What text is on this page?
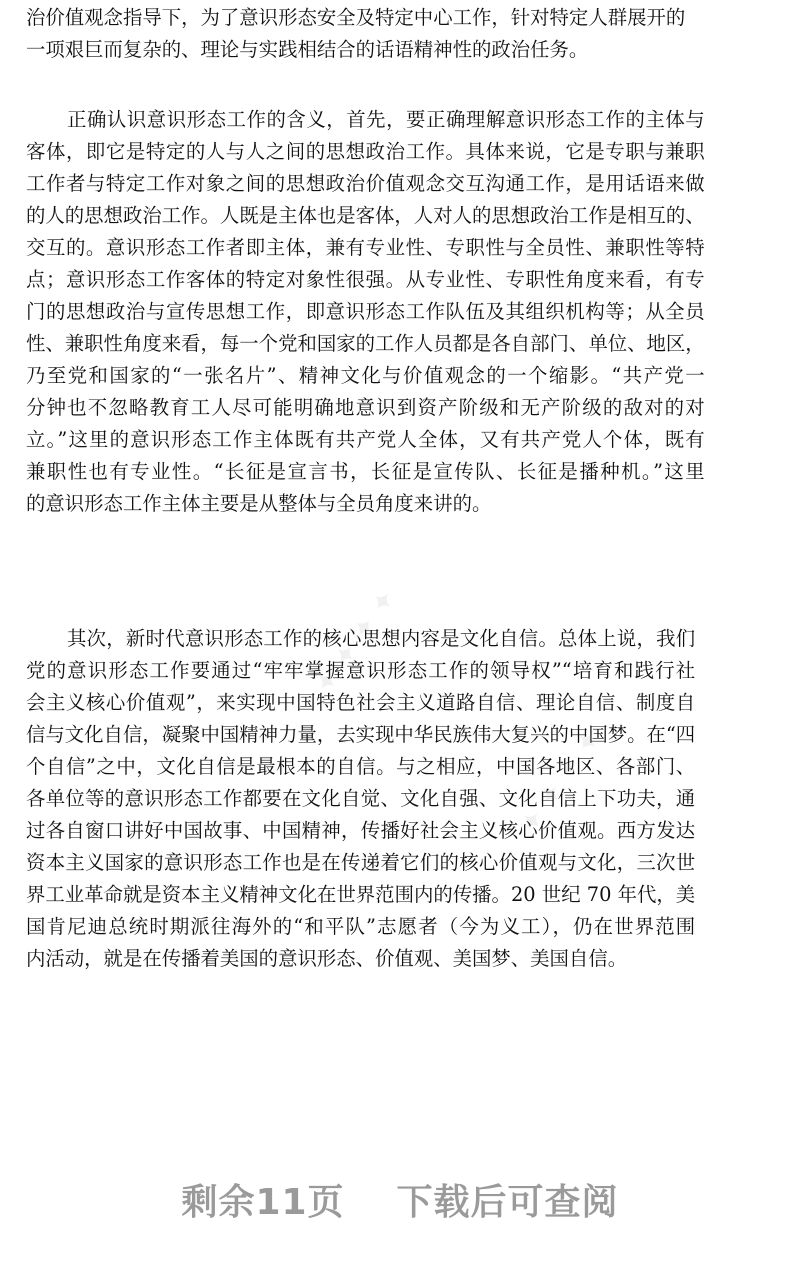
治价值观念指导下，为了意识形态安全及特定中心工作，针对特定人群展开的
一项艰巨而复杂的、理论与实践相结合的话语精神性的政治任务。
正确认识意识形态工作的含义，首先，要正确理解意识形态工作的主体与
客体，即它是特定的人与人之间的思想政治工作。具体来说，它是专职与兼职
工作者与特定工作对象之间的思想政治价值观念交互沟通工作，是用话语来做
的人的思想政治工作。人既是主体也是客体，人对人的思想政治工作是相互的、
交互的。意识形态工作者即主体，兼有专业性、专职性与全员性、兼职性等特
点；意识形态工作客体的特定对象性很强。从专业性、专职性角度来看，有专
门的思想政治与宣传思想工作，即意识形态工作队伍及其组织机构等；从全员
性、兼职性角度来看，每一个党和国家的工作人员都是各自部门、单位、地区，
乃至党和国家的“一张名片”、精神文化与价值观念的一个缩影。“共产党一
分钟也不忽略教育工人尽可能明确地意识到资产阶级和无产阶级的敌对的对
立。”这里的意识形态工作主体既有共产党人全体，又有共产党人个体，既有
兼职性也有专业性。“长征是宣言书，长征是宣传队、长征是播种机。”这里
的意识形态工作主体主要是从整体与全员角度来讲的。
其次，新时代意识形态工作的核心思想内容是文化自信。总体上说，我们
党的意识形态工作要通过“牢牢掌握意识形态工作的领导权”“培育和践行社
会主义核心价值观”，来实现中国特色社会主义道路自信、理论自信、制度自
信与文化自信，凝聚中国精神力量，去实现中华民族伟大复兴的中国梦。在“四
个自信”之中，文化自信是最根本的自信。与之相应，中国各地区、各部门、
各单位等的意识形态工作都要在文化自觉、文化自强、文化自信上下功夫，通
过各自窗口讲好中国故事、中国精神，传播好社会主义核心价值观。西方发达
资本主义国家的意识形态工作也是在传递着它们的核心价值观与文化，三次世
界工业革命就是资本主义精神文化在世界范围内的传播。20 世纪 70 年代，美
国肯尼迪总统时期派往海外的“和平队”志愿者（今为义工），仍在世界范围
内活动，就是在传播着美国的意识形态、价值观、美国梦、美国自信。
✦ ✦ ✦ ✦
✦ ✦ ✦ ✦
剩余11页 下载后可查阅
